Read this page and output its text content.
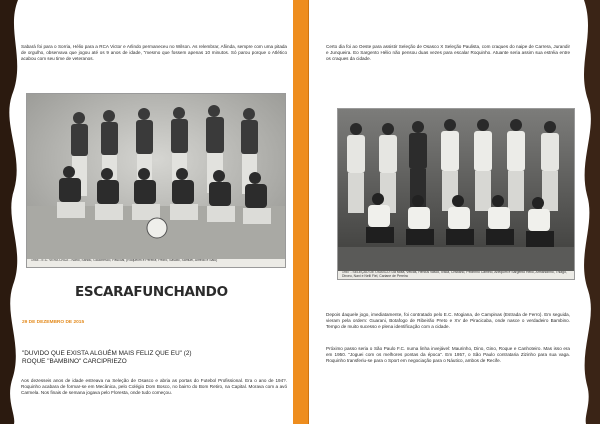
Sabará foi para o Sorria, Hélio para a RCA Victor e Arlindo permaneceu no Wilson. As relembrar, Afiinda, sempre com uma pitada de orgulho, observava que jogou até os 9 anos de idade, "mesmo que fossem apenas 10 minutos. Só parou porque o Atlético acabou com seu time de veteranos.

1954 - E.C. VERA CRUZ - Nano, Sandú, Gaúchesco, Pascoal, (Roquelim e Pereira; Pedro, Sasato, Samuel, Alfredo e Salu)
ESCARAFUNCHANDO
29 DE DEZEMBRO DE 2015

"DUVIDO QUE EXISTA ALGUÉM MAIS FELIZ QUE EU" (2)
ROQUE "BAMBINO" CARCIPRIEZO

Aos dezesseis anos de idade estreava na Seleção de Osasco e abria as portas do Futebol Profissional. Era o ano de 194?. Roquinho acabara de formar-se em Mecânica, pelo Colégio Dom Bosco, no bairro do Bom Retiro, na Capital. Morava com a avó Carmela. Nos finais de semana jogava pelo Floresta, onde tudo começou.

Certo dia foi ao Oeste para assistir Seleção de Osasco X Seleção Paulista, com craques do naipe de Carrera, Jurandir e Junqueira. Eo Sargento Hélio não pensou duas vezes para escalar Roquinho. Atuante seria assim sua estréia entre os craques da cidade.

1957 - SELEÇÃO DE OSASCO: Da Mota, Vélcas, Hércus Vasco, Ivaca, Cristiano, Pedrinho Camelo, Arlequim e Sargento Hélio, Armandinho, Thiago, Dirceu, Nani e Nelli Fiel, Cariane de Pereira

Depois daquele jogo, imediatamente, foi contratado pelo E.C. Mogiana, de Campinas (Estrada de Ferro). Em seguida, vieram pela ordem: Guarani, Botafogo de Ribeirão Preto e XV de Piracicaba, onde nasce o verdadeiro Bambino. Tempo de muito sucesso e plena identificação com a cidade.

Próximo passo seria o São Paulo F.C. numa linha invejável: Maurinho, Dino, Gino, Roque e Canhoteiro. Mas isso era em 1950. "Joguei com os melhores pontas da época". Em 1957, o São Paulo contrataria Zizinho para sua vaga. Roquinho transferiu-se para o Sport em negociação para o Náutico, ambos de Recife.
